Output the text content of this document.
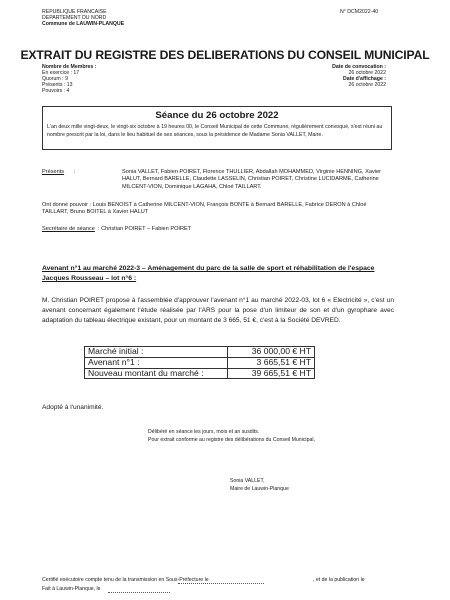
REPUBLIQUE FRANCAISE
DEPARTEMENT DU NORD
Commune de LAUWIN-PLANQUE
N° DCM2022-40
EXTRAIT DU REGISTRE DES DELIBERATIONS DU CONSEIL MUNICIPAL
Nombre de Membres :
En exercice : 17
Quorum : 9
Présents : 13
Pouvoirs : 4
Date de convocation :
26 octobre 2022
Date d'affichage :
26 octobre 2022
Séance du 26 octobre 2022
L'an deux mille vingt-deux, le vingt-six octobre à 19 heures 00, le Conseil Municipal de cette Commune, régulièrement convoqué, s'est réuni au nombre prescrit par la loi, dans le lieu habituel de ses séances, sous la présidence de Madame Sonia VALLET, Maire.
Présents :	Sonia VALLET, Fabien POIRET, Florence THULLIER, Abdallah MOHAMMED, Virginie HENNING, Xavier HALUT, Bernard BARELLE, Claudette LASSELIN, Christian POIRET, Christine LUCIDARME, Catherine MILCENT-VION, Dominique LAGAHA, Chloé TAILLART.
Ont donné pouvoir : Louis BENOIST à Catherine MILCENT-VION, François BONTE à Bernard BARELLE, Fabrice DERON à Chloé TAILLART, Bruno BOITEL à Xavier HALUT
Secrétaire de séance : Christian POIRET – Fabien POIRET
Avenant n°1 au marché 2022-3 – Aménagement du parc de la salle de sport et réhabilitation de l'espace Jacques Rousseau – lot n°6 :
M. Christian POIRET propose à l'assemblée d'approuver l'avenant n°1 au marché 2022-03, lot 6 « Electricité », c'est un avenant concernant également l'étude réalisée par l'ARS pour la pose d'un limiteur de son et d'un gyrophare avec adaptation du tableau électrique existant, pour un montant de 3 665, 51 €, c'est à la Société DEVRED.
Marché initial :	36 000,00 € HT
Avenant n°1 :	3 665,51 € HT
Nouveau montant du marché :	39 665,51 € HT
Adopté à l'unanimité.
Délibéré en séance les jours, mois et an susdits.
Pour extrait conforme au registre des délibérations du Conseil Municipal,
Sonia VALLET,
Maire de Lauwin-Planque
Certifié exécutoire compte tenu de la transmission en Sous-Préfecture le	, et de la publication le
Fait à Lauwin-Planque, le
